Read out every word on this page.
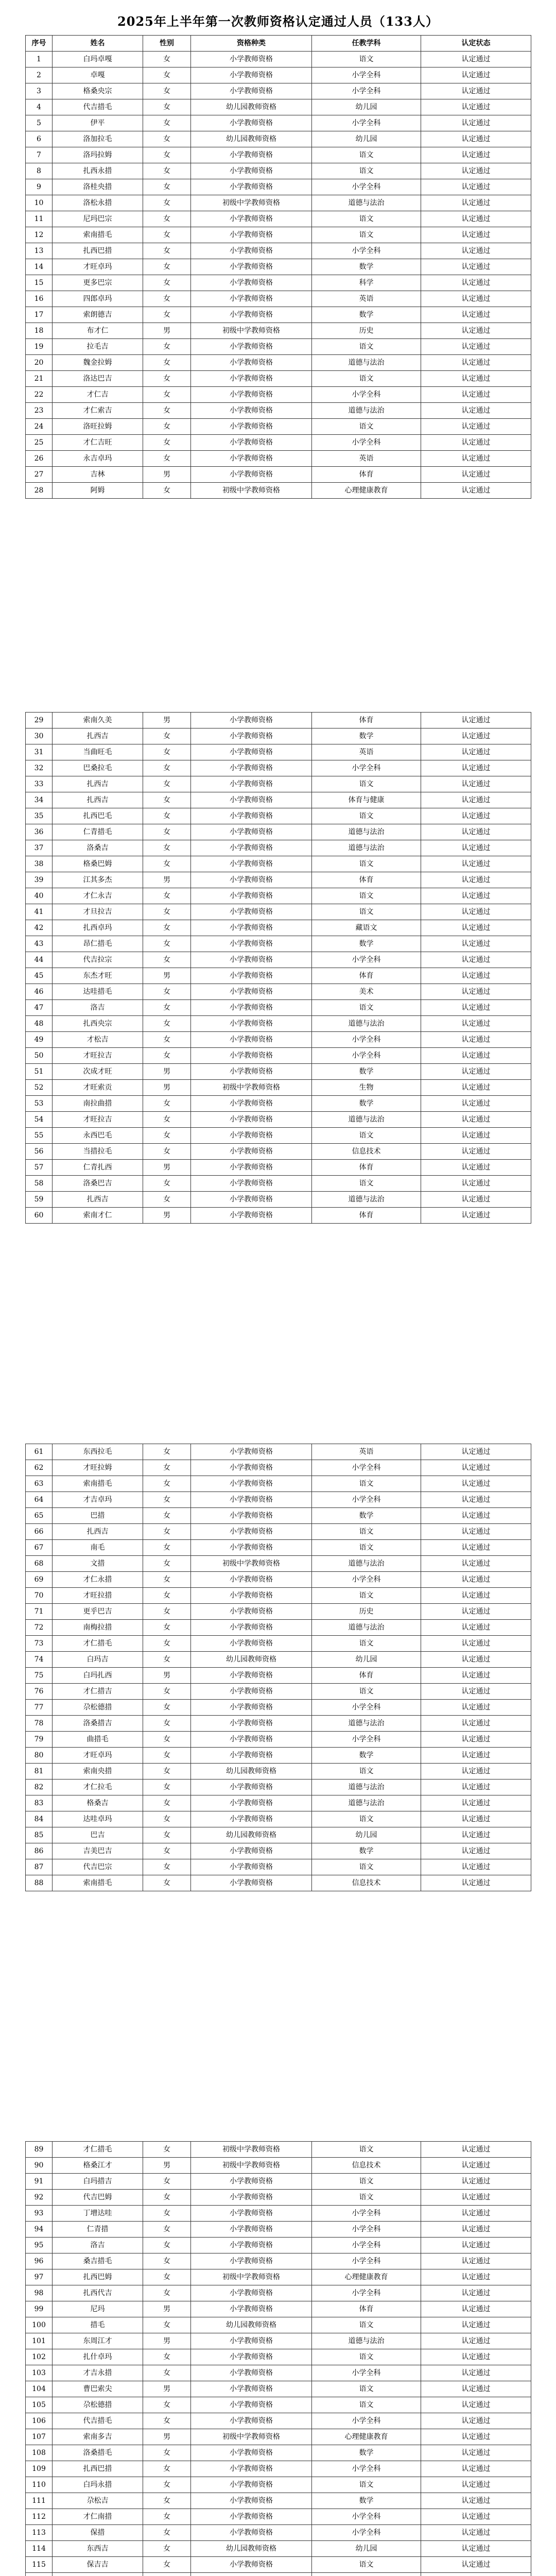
2025年上半年第一次教师资格认定通过人员（133人）
序号	姓名	性别	资格种类	任教学科	认定状态
1	白玛卓嘎	女	小学教师资格	语文	认定通过
2	卓嘎	女	小学教师资格	小学全科	认定通过
3	格桑央宗	女	小学教师资格	小学全科	认定通过
4	代吉措毛	女	幼儿园教师资格	幼儿园	认定通过
5	伊平	女	小学教师资格	小学全科	认定通过
6	洛加拉毛	女	幼儿园教师资格	幼儿园	认定通过
7	洛玛拉姆	女	小学教师资格	语文	认定通过
8	扎西永措	女	小学教师资格	语文	认定通过
9	洛桂央措	女	小学教师资格	小学全科	认定通过
10	洛松永措	女	初级中学教师资格	道德与法治	认定通过
11	尼玛巴宗	女	小学教师资格	语文	认定通过
12	索南措毛	女	小学教师资格	语文	认定通过
13	扎西巴措	女	小学教师资格	小学全科	认定通过
14	才旺卓玛	女	小学教师资格	数学	认定通过
15	更多巴宗	女	小学教师资格	科学	认定通过
16	四郎卓玛	女	小学教师资格	英语	认定通过
17	索朗德吉	女	小学教师资格	数学	认定通过
18	布才仁	男	初级中学教师资格	历史	认定通过
19	拉毛吉	女	小学教师资格	语文	认定通过
20	魏金拉姆	女	小学教师资格	道德与法治	认定通过
21	洛达巴吉	女	小学教师资格	语文	认定通过
22	才仁吉	女	小学教师资格	小学全科	认定通过
23	才仁索吉	女	小学教师资格	道德与法治	认定通过
24	洛旺拉姆	女	小学教师资格	语文	认定通过
25	才仁吉旺	女	小学教师资格	小学全科	认定通过
26	永吉卓玛	女	小学教师资格	英语	认定通过
27	吉林	男	小学教师资格	体育	认定通过
28	阿姆	女	初级中学教师资格	心理健康教育	认定通过
29	索南久美	男	小学教师资格	体育	认定通过
30	扎西吉	女	小学教师资格	数学	认定通过
31	当曲旺毛	女	小学教师资格	英语	认定通过
32	巴桑拉毛	女	小学教师资格	小学全科	认定通过
33	扎西吉	女	小学教师资格	语文	认定通过
34	扎西吉	女	小学教师资格	体育与健康	认定通过
35	扎西巴毛	女	小学教师资格	语文	认定通过
36	仁青措毛	女	小学教师资格	道德与法治	认定通过
37	洛桑吉	女	小学教师资格	道德与法治	认定通过
38	格桑巴姆	女	小学教师资格	语文	认定通过
39	江其多杰	男	小学教师资格	体育	认定通过
40	才仁永吉	女	小学教师资格	语文	认定通过
41	才旦拉吉	女	小学教师资格	语文	认定通过
42	扎西卓玛	女	小学教师资格	藏语文	认定通过
43	昂仁措毛	女	小学教师资格	数学	认定通过
44	代吉拉宗	女	小学教师资格	小学全科	认定通过
45	东杰才旺	男	小学教师资格	体育	认定通过
46	达哇措毛	女	小学教师资格	美术	认定通过
47	洛吉	女	小学教师资格	语文	认定通过
48	扎西央宗	女	小学教师资格	道德与法治	认定通过
49	才松吉	女	小学教师资格	小学全科	认定通过
50	才旺拉吉	女	小学教师资格	小学全科	认定通过
51	次成才旺	男	小学教师资格	数学	认定通过
52	才旺索贡	男	初级中学教师资格	生物	认定通过
53	南拉曲措	女	小学教师资格	数学	认定通过
54	才旺拉吉	女	小学教师资格	道德与法治	认定通过
55	永西巴毛	女	小学教师资格	语文	认定通过
56	当措拉毛	女	小学教师资格	信息技术	认定通过
57	仁青扎西	男	小学教师资格	体育	认定通过
58	洛桑巴吉	女	小学教师资格	语文	认定通过
59	扎西吉	女	小学教师资格	道德与法治	认定通过
60	索南才仁	男	小学教师资格	体育	认定通过
61	东西拉毛	女	小学教师资格	英语	认定通过
62	才旺拉姆	女	小学教师资格	小学全科	认定通过
63	索南措毛	女	小学教师资格	语文	认定通过
64	才吉卓玛	女	小学教师资格	小学全科	认定通过
65	巴措	女	小学教师资格	数学	认定通过
66	扎西吉	女	小学教师资格	语文	认定通过
67	南毛	女	小学教师资格	语文	认定通过
68	文措	女	初级中学教师资格	道德与法治	认定通过
69	才仁永措	女	小学教师资格	小学全科	认定通过
70	才旺拉措	女	小学教师资格	语文	认定通过
71	更乎巴吉	女	小学教师资格	历史	认定通过
72	南梅拉措	女	小学教师资格	道德与法治	认定通过
73	才仁措毛	女	小学教师资格	语文	认定通过
74	白玛吉	女	幼儿园教师资格	幼儿园	认定通过
75	白玛扎西	男	小学教师资格	体育	认定通过
76	才仁措吉	女	小学教师资格	语文	认定通过
77	尕松德措	女	小学教师资格	小学全科	认定通过
78	洛桑措吉	女	小学教师资格	道德与法治	认定通过
79	曲措毛	女	小学教师资格	小学全科	认定通过
80	才旺卓玛	女	小学教师资格	数学	认定通过
81	索南央措	女	幼儿园教师资格	语文	认定通过
82	才仁拉毛	女	小学教师资格	道德与法治	认定通过
83	格桑吉	女	小学教师资格	道德与法治	认定通过
84	达哇卓玛	女	小学教师资格	语文	认定通过
85	巴吉	女	幼儿园教师资格	幼儿园	认定通过
86	吉美巴吉	女	小学教师资格	数学	认定通过
87	代吉巴宗	女	小学教师资格	语文	认定通过
88	索南措毛	女	小学教师资格	信息技术	认定通过
89	才仁措毛	女	初级中学教师资格	语文	认定通过
90	格桑江才	男	初级中学教师资格	信息技术	认定通过
91	白玛措吉	女	小学教师资格	语文	认定通过
92	代吉巴姆	女	小学教师资格	语文	认定通过
93	丁增达哇	女	小学教师资格	小学全科	认定通过
94	仁青措	女	小学教师资格	小学全科	认定通过
95	洛吉	女	小学教师资格	小学全科	认定通过
96	桑吉措毛	女	小学教师资格	小学全科	认定通过
97	扎西巴姆	女	初级中学教师资格	心理健康教育	认定通过
98	扎西代吉	女	小学教师资格	小学全科	认定通过
99	尼玛	男	小学教师资格	体育	认定通过
100	措毛	女	幼儿园教师资格	语文	认定通过
101	东周江才	男	小学教师资格	道德与法治	认定通过
102	扎什卓玛	女	小学教师资格	语文	认定通过
103	才吉永措	女	小学教师资格	小学全科	认定通过
104	曹巴索尖	男	小学教师资格	语文	认定通过
105	尕松德措	女	小学教师资格	语文	认定通过
106	代吉措毛	女	小学教师资格	小学全科	认定通过
107	索南多吉	男	初级中学教师资格	心理健康教育	认定通过
108	洛桑措毛	女	小学教师资格	数学	认定通过
109	扎西巴措	女	小学教师资格	小学全科	认定通过
110	白玛永措	女	小学教师资格	语文	认定通过
111	尕松吉	女	小学教师资格	数学	认定通过
112	才仁南措	女	小学教师资格	小学全科	认定通过
113	保措	女	小学教师资格	小学全科	认定通过
114	东西吉	女	幼儿园教师资格	幼儿园	认定通过
115	保吉吉	女	小学教师资格	语文	认定通过
